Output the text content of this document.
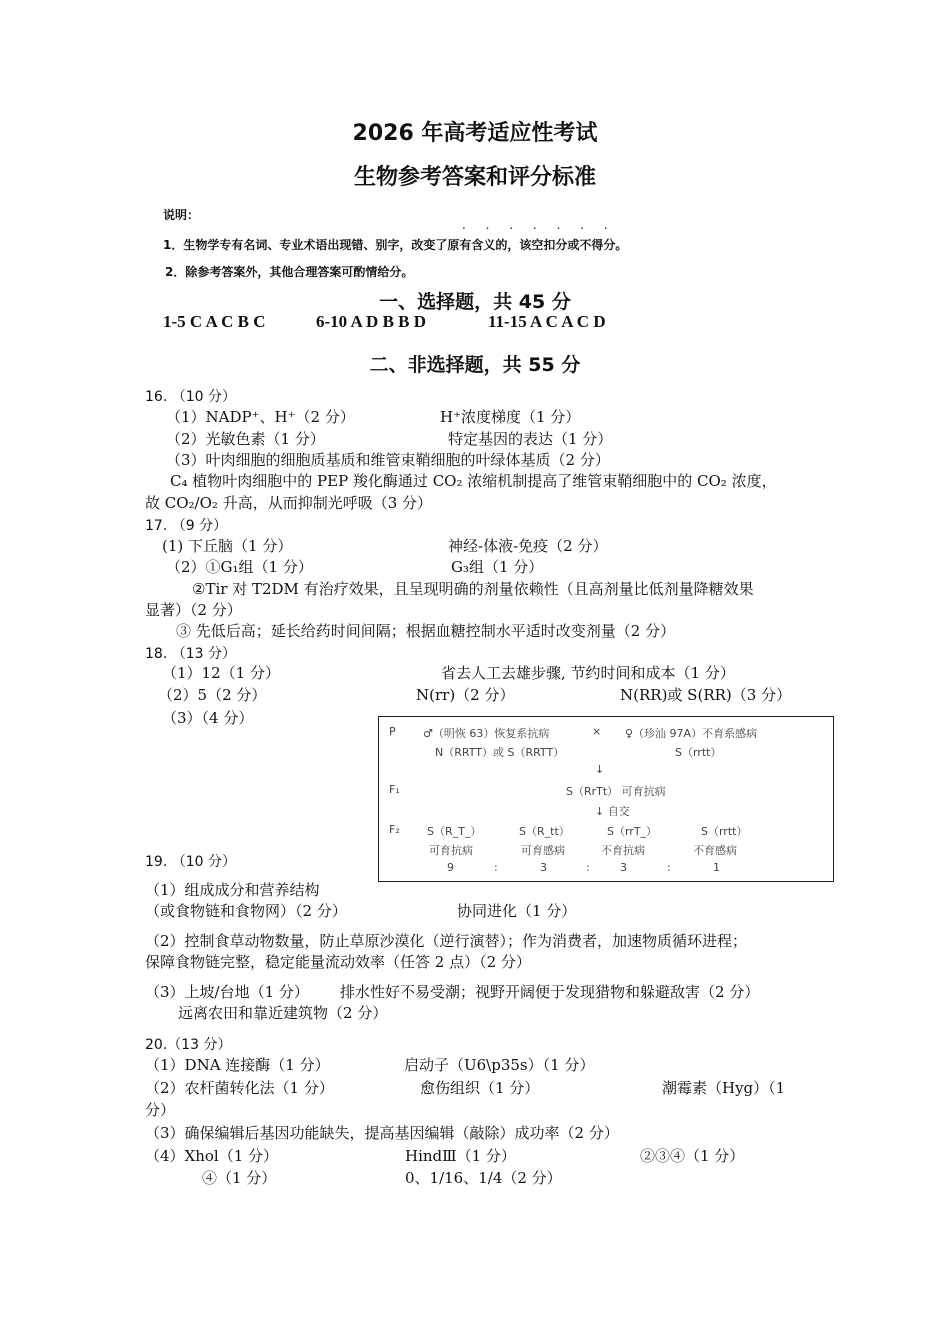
2026 年高考适应性考试
生物参考答案和评分标准
说明：
. . . . . . .
1．生物学专有名词、专业术语出现错、别字，改变了原有含义的，该空扣分或不得分。
2．除参考答案外，其他合理答案可酌情给分。
一、选择题，共 45 分
1-5 C A C B C	6-10 A D B B D	11-15 A C A C D
二、非选择题，共 55 分
16. （10 分）
（1）NADP⁺、H⁺（2 分）	H⁺浓度梯度（1 分）
（2）光敏色素（1 分）	特定基因的表达（1 分）
（3）叶肉细胞的细胞质基质和维管束鞘细胞的叶绿体基质（2 分）
C₄ 植物叶肉细胞中的 PEP 羧化酶通过 CO₂ 浓缩机制提高了维管束鞘细胞中的 CO₂ 浓度，
故 CO₂/O₂ 升高，从而抑制光呼吸（3 分）
17. （9 分）
(1) 下丘脑（1 分）	神经-体液-免疫（2 分）
（2）①G₁组（1 分）	G₃组（1 分）
②Tir 对 T2DM 有治疗效果，且呈现明确的剂量依赖性（且高剂量比低剂量降糖效果
显著）（2 分）
③ 先低后高；延长给药时间间隔；根据血糖控制水平适时改变剂量（2 分）
18. （13 分）
（1）12（1 分）	省去人工去雄步骤, 节约时间和成本（1 分）
（2）5（2 分）	N(rr)（2 分）	N(RR)或 S(RR)（3 分）
（3）（4 分）
P ♂（明恢 63）恢复系抗病	× ♀（珍汕 97A）不育系感病
N（RRTT）或 S（RRTT）	S（rrtt）
↓
F₁	S（RrTt） 可育抗病
↓ 自交
F₂ S（R_T_）	S（R_tt）	S（rrT_）	S（rrtt）
可育抗病	可育感病	不育抗病	不育感病
9	:	3	:	3	:	1
19. （10 分）
（1）组成成分和营养结构
（或食物链和食物网）（2 分）	协同进化（1 分）
（2）控制食草动物数量，防止草原沙漠化（逆行演替）；作为消费者，加速物质循环进程；
保障食物链完整，稳定能量流动效率（任答 2 点）（2 分）
（3）上坡/台地（1 分） 排水性好不易受潮；视野开阔便于发现猎物和躲避敌害（2 分）
远离农田和靠近建筑物（2 分）
20.（13 分）
（1）DNA 连接酶（1 分）	启动子（U6\p35s）（1 分）
（2）农杆菌转化法（1 分）	愈伤组织（1 分）	潮霉素（Hyg）（1
分）
（3）确保编辑后基因功能缺失，提高基因编辑（敲除）成功率（2 分）
（4）Xhol（1 分）	HindⅢ（1 分）	②③④（1 分）
④（1 分）	0、1/16、1/4（2 分）
